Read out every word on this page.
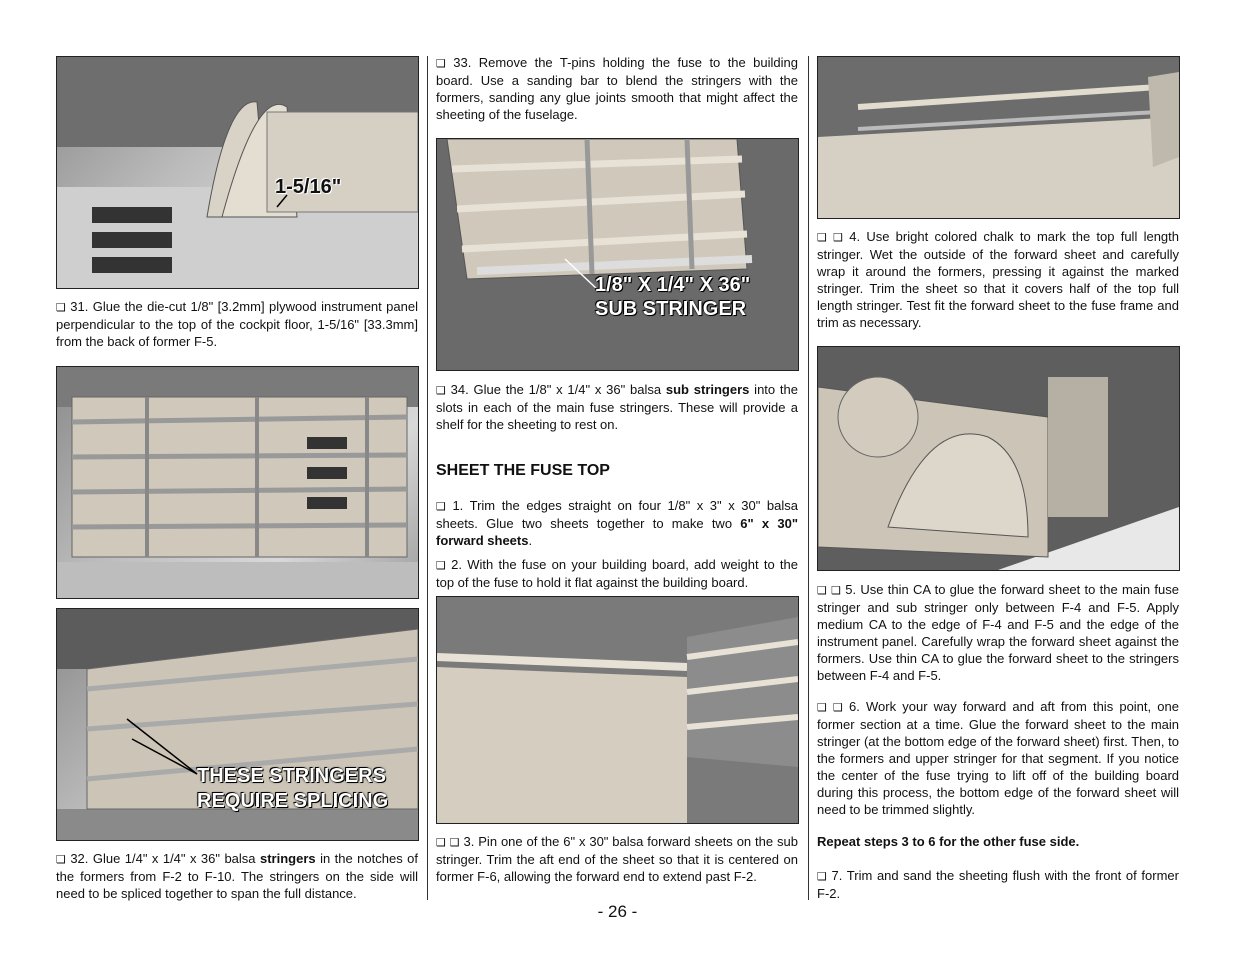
1-5/16"
❑ 31. Glue the die-cut 1/8" [3.2mm] plywood instrument panel perpendicular to the top of the cockpit floor, 1-5/16" [33.3mm] from the back of former F-5.
THESE STRINGERS
REQUIRE SPLICING
❑ 32. Glue 1/4" x 1/4" x 36" balsa stringers in the notches of the formers from F-2 to F-10. The stringers on the side will need to be spliced together to span the full distance.
❑ 33. Remove the T-pins holding the fuse to the building board. Use a sanding bar to blend the stringers with the formers, sanding any glue joints smooth that might affect the sheeting of the fuselage.
1/8" X 1/4" X 36"
SUB STRINGER
❑ 34. Glue the 1/8" x 1/4" x 36" balsa sub stringers into the slots in each of the main fuse stringers. These will provide a shelf for the sheeting to rest on.
SHEET THE FUSE TOP
❑ 1. Trim the edges straight on four 1/8" x 3" x 30" balsa sheets. Glue two sheets together to make two 6" x 30" forward sheets.
❑ 2. With the fuse on your building board, add weight to the top of the fuse to hold it flat against the building board.
❑ ❑ 3. Pin one of the 6" x 30" balsa forward sheets on the sub stringer. Trim the aft end of the sheet so that it is centered on former F-6, allowing the forward end to extend past F-2.
❑ ❑ 4. Use bright colored chalk to mark the top full length stringer. Wet the outside of the forward sheet and carefully wrap it around the formers, pressing it against the marked stringer. Trim the sheet so that it covers half of the top full length stringer. Test fit the forward sheet to the fuse frame and trim as necessary.
❑ ❑ 5. Use thin CA to glue the forward sheet to the main fuse stringer and sub stringer only between F-4 and F-5. Apply medium CA to the edge of F-4 and F-5 and the edge of the instrument panel. Carefully wrap the forward sheet against the formers. Use thin CA to glue the forward sheet to the stringers between F-4 and F-5.
❑ ❑ 6. Work your way forward and aft from this point, one former section at a time. Glue the forward sheet to the main stringer (at the bottom edge of the forward sheet) first. Then, to the formers and upper stringer for that segment. If you notice the center of the fuse trying to lift off of the building board during this process, the bottom edge of the forward sheet will need to be trimmed slightly.
Repeat steps 3 to 6 for the other fuse side.
❑ 7. Trim and sand the sheeting flush with the front of former F-2.
- 26 -
